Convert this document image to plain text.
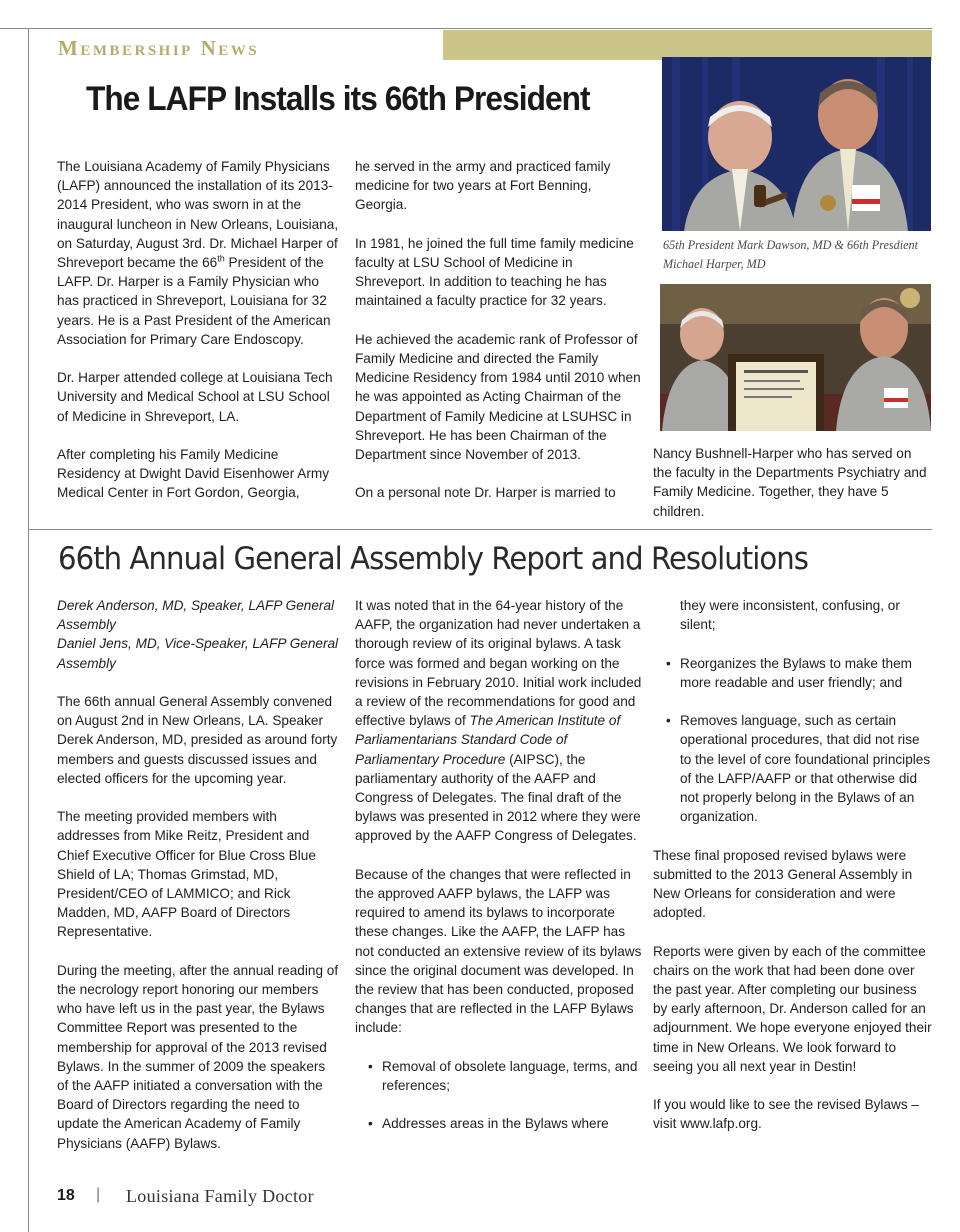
Membership News
The LAFP Installs its 66th President

The Louisiana Academy of Family Physicians (LAFP) announced the installation of its 2013-2014 President, who was sworn in at the inaugural luncheon in New Orleans, Louisiana, on Saturday, August 3rd. Dr. Michael Harper of Shreveport became the 66th President of the LAFP. Dr. Harper is a Family Physician who has practiced in Shreveport, Louisiana for 32 years. He is a Past President of the American Association for Primary Care Endoscopy.

Dr. Harper attended college at Louisiana Tech University and Medical School at LSU School of Medicine in Shreveport, LA.

After completing his Family Medicine Residency at Dwight David Eisenhower Army Medical Center in Fort Gordon, Georgia,

he served in the army and practiced family medicine for two years at Fort Benning, Georgia.

In 1981, he joined the full time family medicine faculty at LSU School of Medicine in Shreveport. In addition to teaching he has maintained a faculty practice for 32 years.

He achieved the academic rank of Professor of Family Medicine and directed the Family Medicine Residency from 1984 until 2010 when he was appointed as Acting Chairman of the Department of Family Medicine at LSUHSC in Shreveport. He has been Chairman of the Department since November of 2013.

On a personal note Dr. Harper is married to

65th President Mark Dawson, MD & 66th Presdient Michael Harper, MD

Nancy Bushnell-Harper who has served on the faculty in the Departments Psychiatry and Family Medicine. Together, they have 5 children.

66th Annual General Assembly Report and Resolutions

Derek Anderson, MD, Speaker, LAFP General Assembly
Daniel Jens, MD, Vice-Speaker, LAFP General Assembly

The 66th annual General Assembly convened on August 2nd in New Orleans, LA. Speaker Derek Anderson, MD, presided as around forty members and guests discussed issues and elected officers for the upcoming year.

The meeting provided members with addresses from Mike Reitz, President and Chief Executive Officer for Blue Cross Blue Shield of LA; Thomas Grimstad, MD, President/CEO of LAMMICO; and Rick Madden, MD, AAFP Board of Directors Representative.

During the meeting, after the annual reading of the necrology report honoring our members who have left us in the past year, the Bylaws Committee Report was presented to the membership for approval of the 2013 revised Bylaws. In the summer of 2009 the speakers of the AAFP initiated a conversation with the Board of Directors regarding the need to update the American Academy of Family Physicians (AAFP) Bylaws.

It was noted that in the 64-year history of the AAFP, the organization had never undertaken a thorough review of its original bylaws. A task force was formed and began working on the revisions in February 2010. Initial work included a review of the recommendations for good and effective bylaws of The American Institute of Parliamentarians Standard Code of Parliamentary Procedure (AIPSC), the parliamentary authority of the AAFP and Congress of Delegates. The final draft of the bylaws was presented in 2012 where they were approved by the AAFP Congress of Delegates.

Because of the changes that were reflected in the approved AAFP bylaws, the LAFP was required to amend its bylaws to incorporate these changes. Like the AAFP, the LAFP has not conducted an extensive review of its bylaws since the original document was developed. In the review that has been conducted, proposed changes that are reflected in the LAFP Bylaws include:

• Removal of obsolete language, terms, and references;
• Addresses areas in the Bylaws where
they were inconsistent, confusing, or silent;
• Reorganizes the Bylaws to make them more readable and user friendly; and
• Removes language, such as certain operational procedures, that did not rise to the level of core foundational principles of the LAFP/AAFP or that otherwise did not properly belong in the Bylaws of an organization.

These final proposed revised bylaws were submitted to the 2013 General Assembly in New Orleans for consideration and were adopted.

Reports were given by each of the committee chairs on the work that had been done over the past year. After completing our business by early afternoon, Dr. Anderson called for an adjournment. We hope everyone enjoyed their time in New Orleans. We look forward to seeing you all next year in Destin!

If you would like to see the revised Bylaws – visit www.lafp.org.

18 | Louisiana Family Doctor
